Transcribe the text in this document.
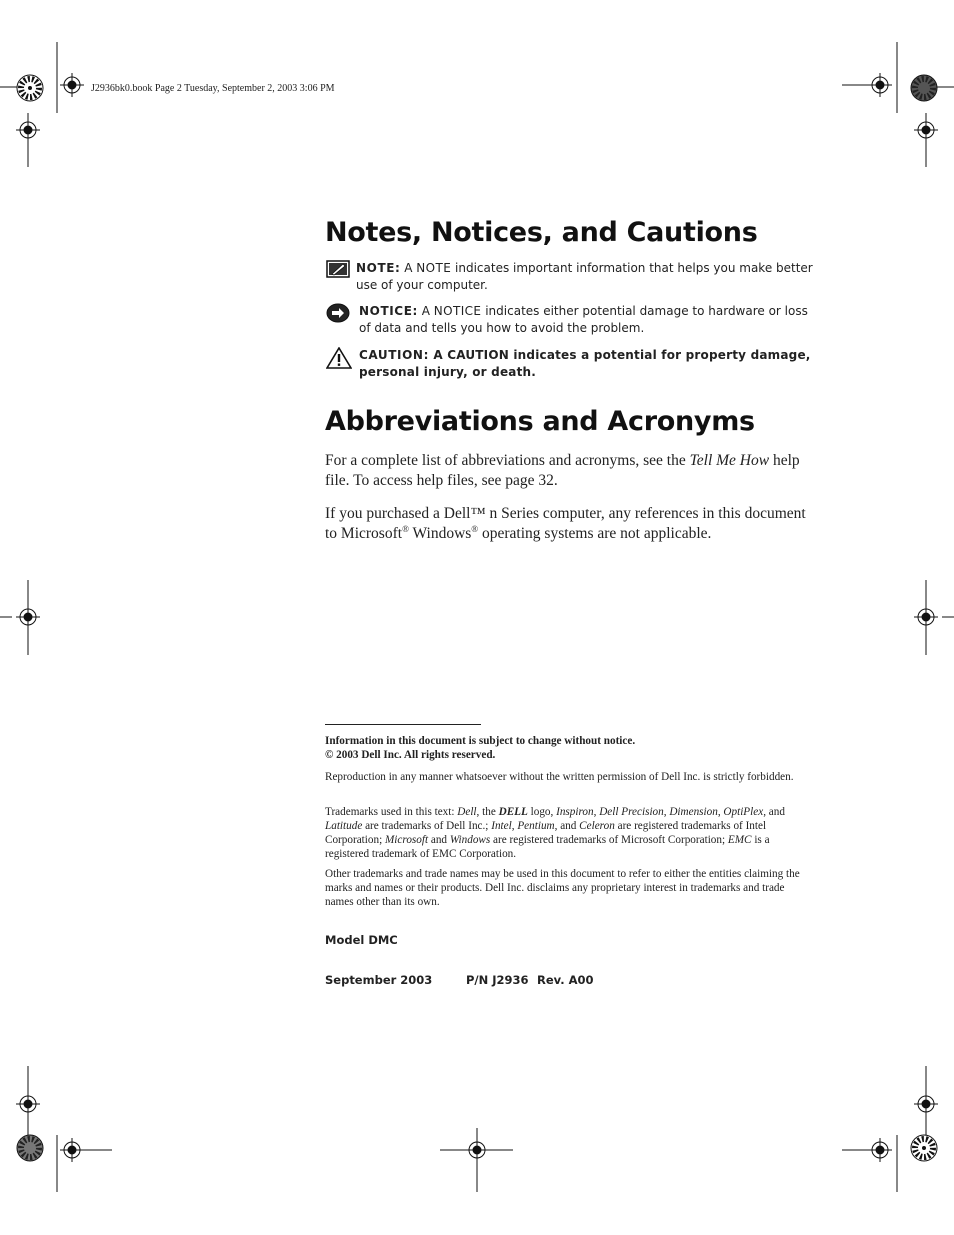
J2936bk0.book Page 2 Tuesday, September 2, 2003 3:06 PM
Notes, Notices, and Cautions
NOTE: A NOTE indicates important information that helps you make better use of your computer.
NOTICE: A NOTICE indicates either potential damage to hardware or loss of data and tells you how to avoid the problem.
CAUTION: A CAUTION indicates a potential for property damage, personal injury, or death.
Abbreviations and Acronyms
For a complete list of abbreviations and acronyms, see the Tell Me How help file. To access help files, see page 32.
If you purchased a Dell™ n Series computer, any references in this document to Microsoft® Windows® operating systems are not applicable.
Information in this document is subject to change without notice.
© 2003 Dell Inc. All rights reserved.
Reproduction in any manner whatsoever without the written permission of Dell Inc. is strictly forbidden.
Trademarks used in this text: Dell, the DELL logo, Inspiron, Dell Precision, Dimension, OptiPlex, and Latitude are trademarks of Dell Inc.; Intel, Pentium, and Celeron are registered trademarks of Intel Corporation; Microsoft and Windows are registered trademarks of Microsoft Corporation; EMC is a registered trademark of EMC Corporation.
Other trademarks and trade names may be used in this document to refer to either the entities claiming the marks and names or their products. Dell Inc. disclaims any proprietary interest in trademarks and trade names other than its own.
Model DMC
September 2003	P/N J2936 Rev. A00
